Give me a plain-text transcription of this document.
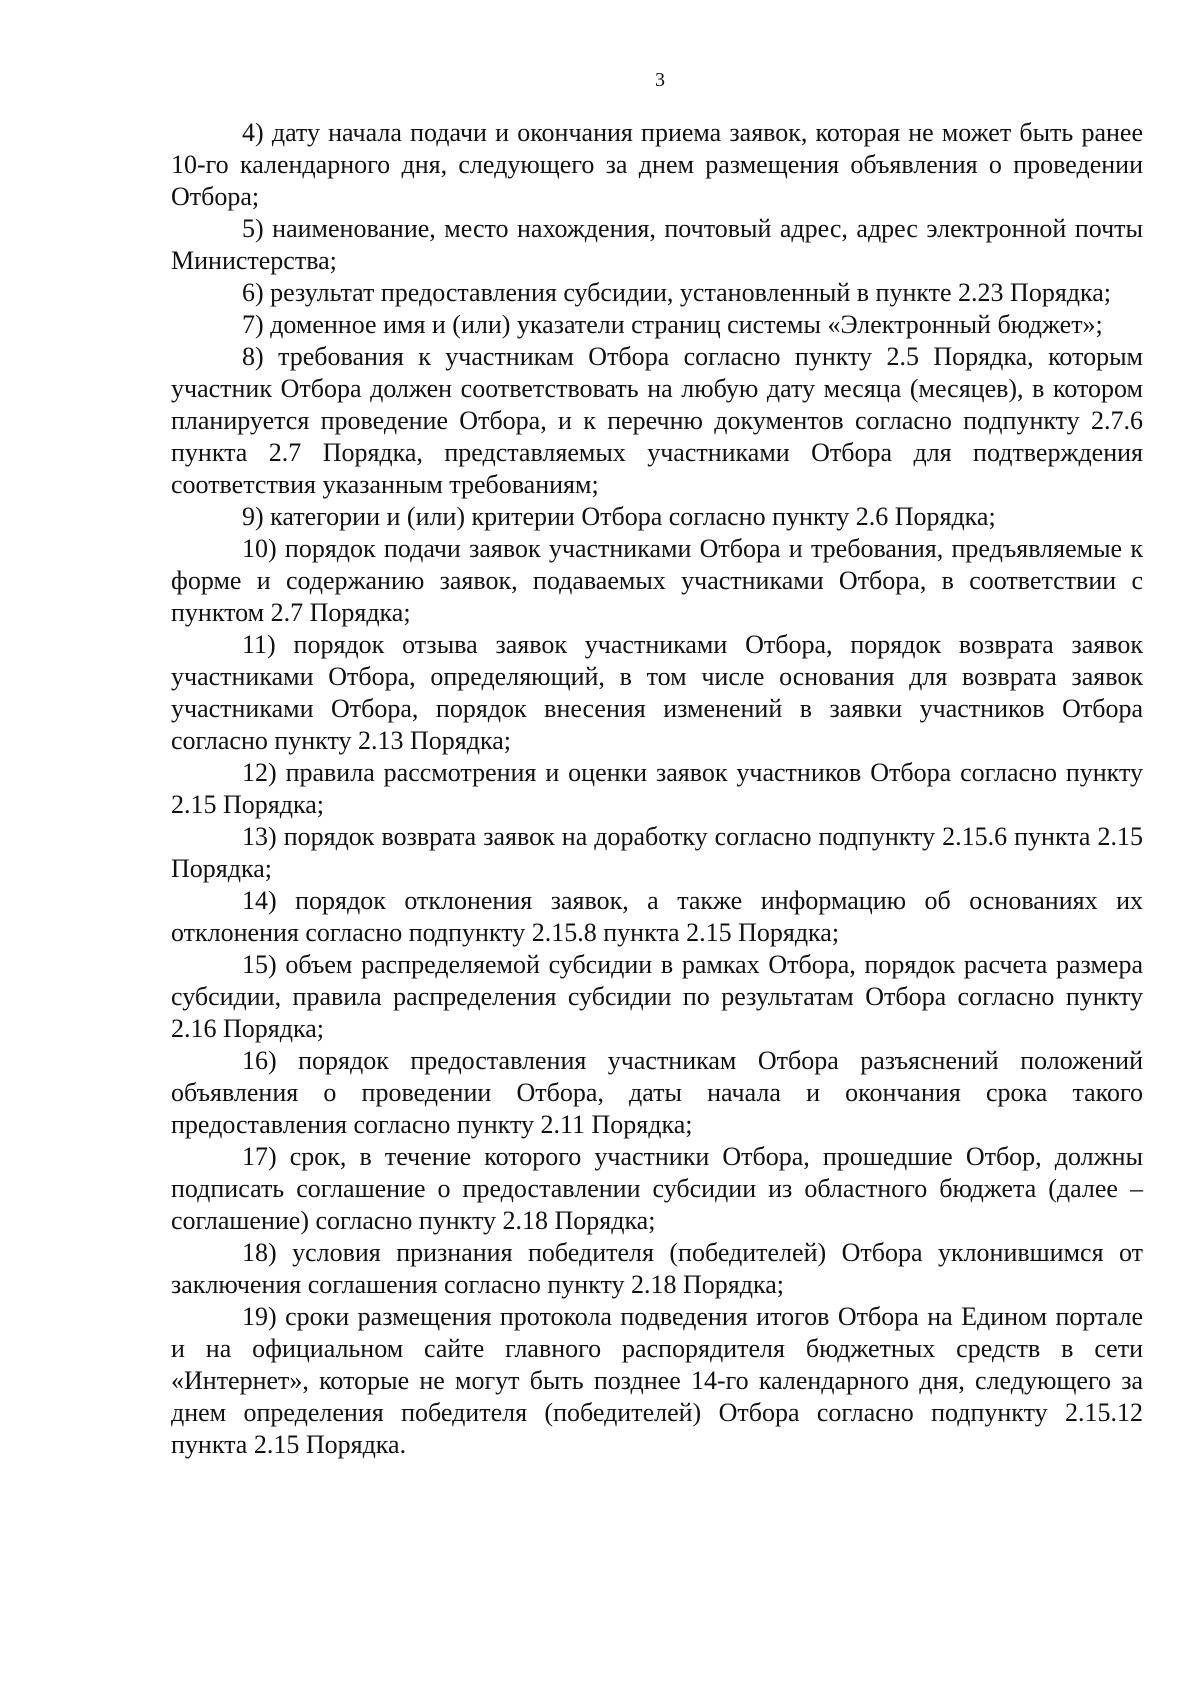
3

4) дату начала подачи и окончания приема заявок, которая не может быть ранее 10-го календарного дня, следующего за днем размещения объявления о проведении Отбора;

5) наименование, место нахождения, почтовый адрес, адрес электронной почты Министерства;

6) результат предоставления субсидии, установленный в пункте 2.23 Порядка;

7) доменное имя и (или) указатели страниц системы «Электронный бюджет»;

8) требования к участникам Отбора согласно пункту 2.5 Порядка, которым участник Отбора должен соответствовать на любую дату месяца (месяцев), в котором планируется проведение Отбора, и к перечню документов согласно подпункту 2.7.6 пункта 2.7 Порядка, представляемых участниками Отбора для подтверждения соответствия указанным требованиям;

9) категории и (или) критерии Отбора согласно пункту 2.6 Порядка;

10) порядок подачи заявок участниками Отбора и требования, предъявляемые к форме и содержанию заявок, подаваемых участниками Отбора, в соответствии с пунктом 2.7 Порядка;

11) порядок отзыва заявок участниками Отбора, порядок возврата заявок участниками Отбора, определяющий, в том числе основания для возврата заявок участниками Отбора, порядок внесения изменений в заявки участников Отбора согласно пункту 2.13 Порядка;

12) правила рассмотрения и оценки заявок участников Отбора согласно пункту 2.15 Порядка;

13) порядок возврата заявок на доработку согласно подпункту 2.15.6 пункта 2.15 Порядка;

14) порядок отклонения заявок, а также информацию об основаниях их отклонения согласно подпункту 2.15.8 пункта 2.15 Порядка;

15) объем распределяемой субсидии в рамках Отбора, порядок расчета размера субсидии, правила распределения субсидии по результатам Отбора согласно пункту 2.16 Порядка;

16) порядок предоставления участникам Отбора разъяснений положений объявления о проведении Отбора, даты начала и окончания срока такого предоставления согласно пункту 2.11 Порядка;

17) срок, в течение которого участники Отбора, прошедшие Отбор, должны подписать соглашение о предоставлении субсидии из областного бюджета (далее – соглашение) согласно пункту 2.18 Порядка;

18) условия признания победителя (победителей) Отбора уклонившимся от заключения соглашения согласно пункту 2.18 Порядка;

19) сроки размещения протокола подведения итогов Отбора на Едином портале и на официальном сайте главного распорядителя бюджетных средств в сети «Интернет», которые не могут быть позднее 14-го календарного дня, следующего за днем определения победителя (победителей) Отбора согласно подпункту 2.15.12 пункта 2.15 Порядка.
